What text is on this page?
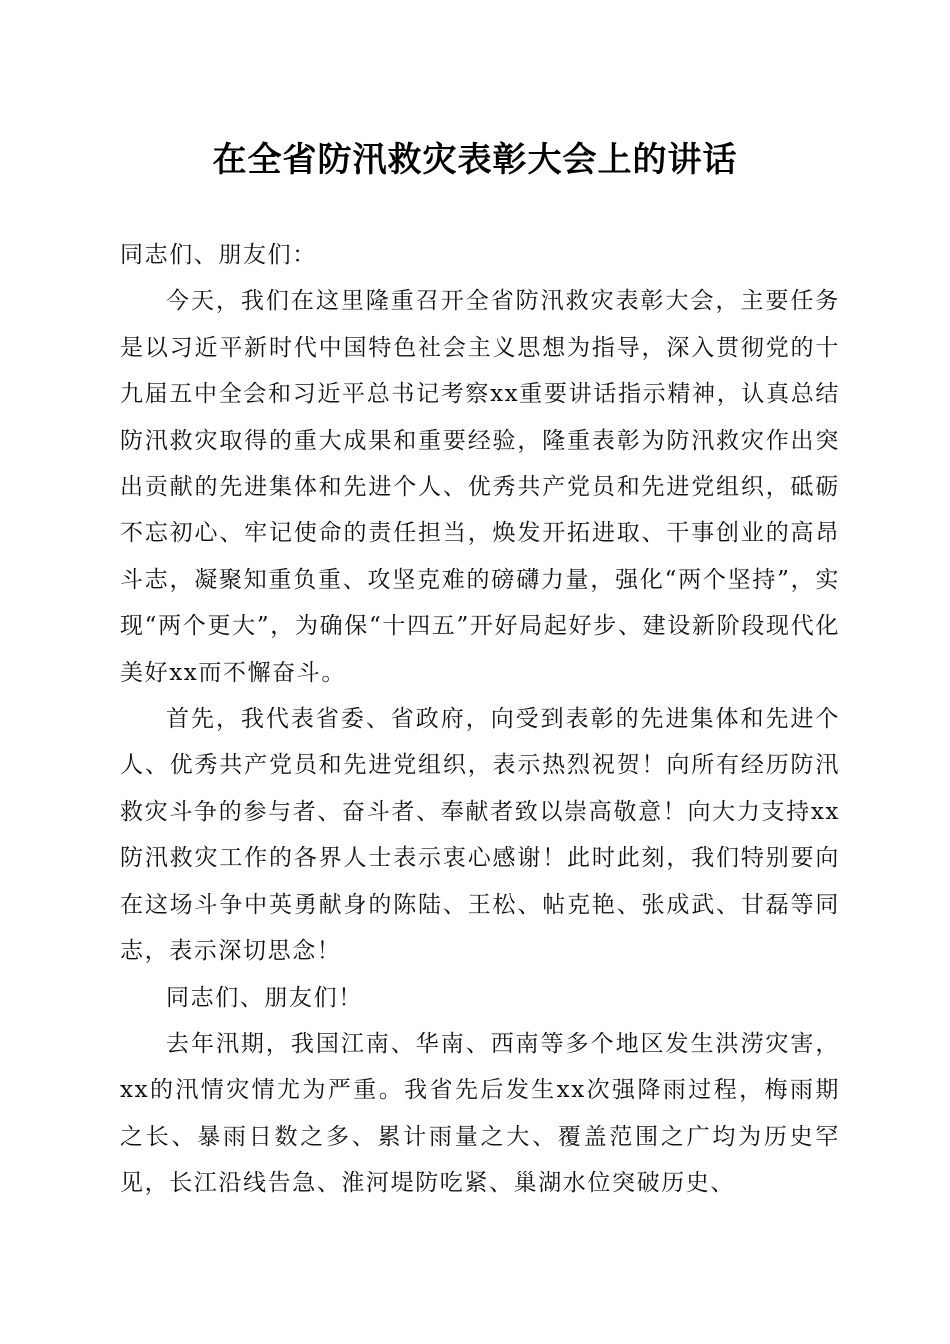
在全省防汛救灾表彰大会上的讲话

同志们、朋友们：

今天，我们在这里隆重召开全省防汛救灾表彰大会，主要任务是以习近平新时代中国特色社会主义思想为指导，深入贯彻党的十九届五中全会和习近平总书记考察xx重要讲话指示精神，认真总结防汛救灾取得的重大成果和重要经验，隆重表彰为防汛救灾作出突出贡献的先进集体和先进个人、优秀共产党员和先进党组织，砥砺不忘初心、牢记使命的责任担当，焕发开拓进取、干事创业的高昂斗志，凝聚知重负重、攻坚克难的磅礴力量，强化“两个坚持”，实现“两个更大”，为确保“十四五”开好局起好步、建设新阶段现代化美好xx而不懈奋斗。

首先，我代表省委、省政府，向受到表彰的先进集体和先进个人、优秀共产党员和先进党组织，表示热烈祝贺！向所有经历防汛救灾斗争的参与者、奋斗者、奉献者致以崇高敬意！向大力支持xx防汛救灾工作的各界人士表示衷心感谢！此时此刻，我们特别要向在这场斗争中英勇献身的陈陆、王松、帖克艳、张成武、甘磊等同志，表示深切思念！

同志们、朋友们！

去年汛期，我国江南、华南、西南等多个地区发生洪涝灾害，xx的汛情灾情尤为严重。我省先后发生xx次强降雨过程，梅雨期之长、暴雨日数之多、累计雨量之大、覆盖范围之广均为历史罕见，长江沿线告急、淮河堤防吃紧、巢湖水位突破历史、
